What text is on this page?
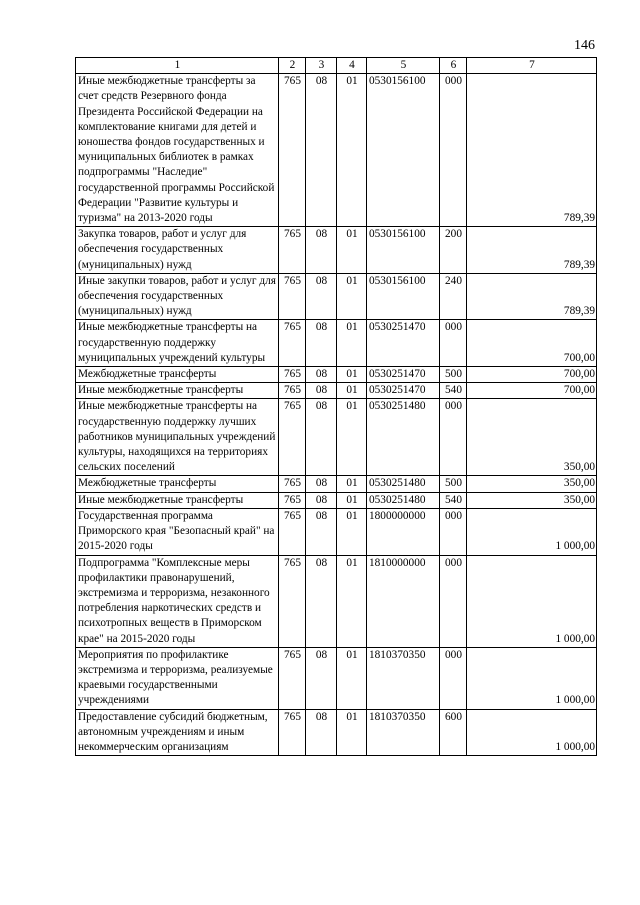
146
1	2	3	4	5	6	7
Иные межбюджетные трансферты за счет средств Резервного фонда Президента Российской Федерации на комплектование книгами для детей и юношества фондов государственных и муниципальных библиотек в рамках подпрограммы "Наследие" государственной программы Российской Федерации "Развитие культуры и туризма" на 2013-2020 годы	765	08	01	0530156100	000	789,39
Закупка товаров, работ и услуг для обеспечения государственных (муниципальных) нужд	765	08	01	0530156100	200	789,39
Иные закупки товаров, работ и услуг для обеспечения государственных (муниципальных) нужд	765	08	01	0530156100	240	789,39
Иные межбюджетные трансферты на государственную поддержку муниципальных учреждений культуры	765	08	01	0530251470	000	700,00
Межбюджетные трансферты	765	08	01	0530251470	500	700,00
Иные межбюджетные трансферты	765	08	01	0530251470	540	700,00
Иные межбюджетные трансферты на государственную поддержку лучших работников муниципальных учреждений культуры, находящихся на территориях сельских поселений	765	08	01	0530251480	000	350,00
Межбюджетные трансферты	765	08	01	0530251480	500	350,00
Иные межбюджетные трансферты	765	08	01	0530251480	540	350,00
Государственная программа Приморского края "Безопасный край" на 2015-2020 годы	765	08	01	1800000000	000	1 000,00
Подпрограмма "Комплексные меры профилактики правонарушений, экстремизма и терроризма, незаконного потребления наркотических средств и психотропных веществ в Приморском крае" на 2015-2020 годы	765	08	01	1810000000	000	1 000,00
Мероприятия по профилактике экстремизма и терроризма, реализуемые краевыми государственными учреждениями	765	08	01	1810370350	000	1 000,00
Предоставление субсидий бюджетным, автономным учреждениям и иным некоммерческим организациям	765	08	01	1810370350	600	1 000,00
